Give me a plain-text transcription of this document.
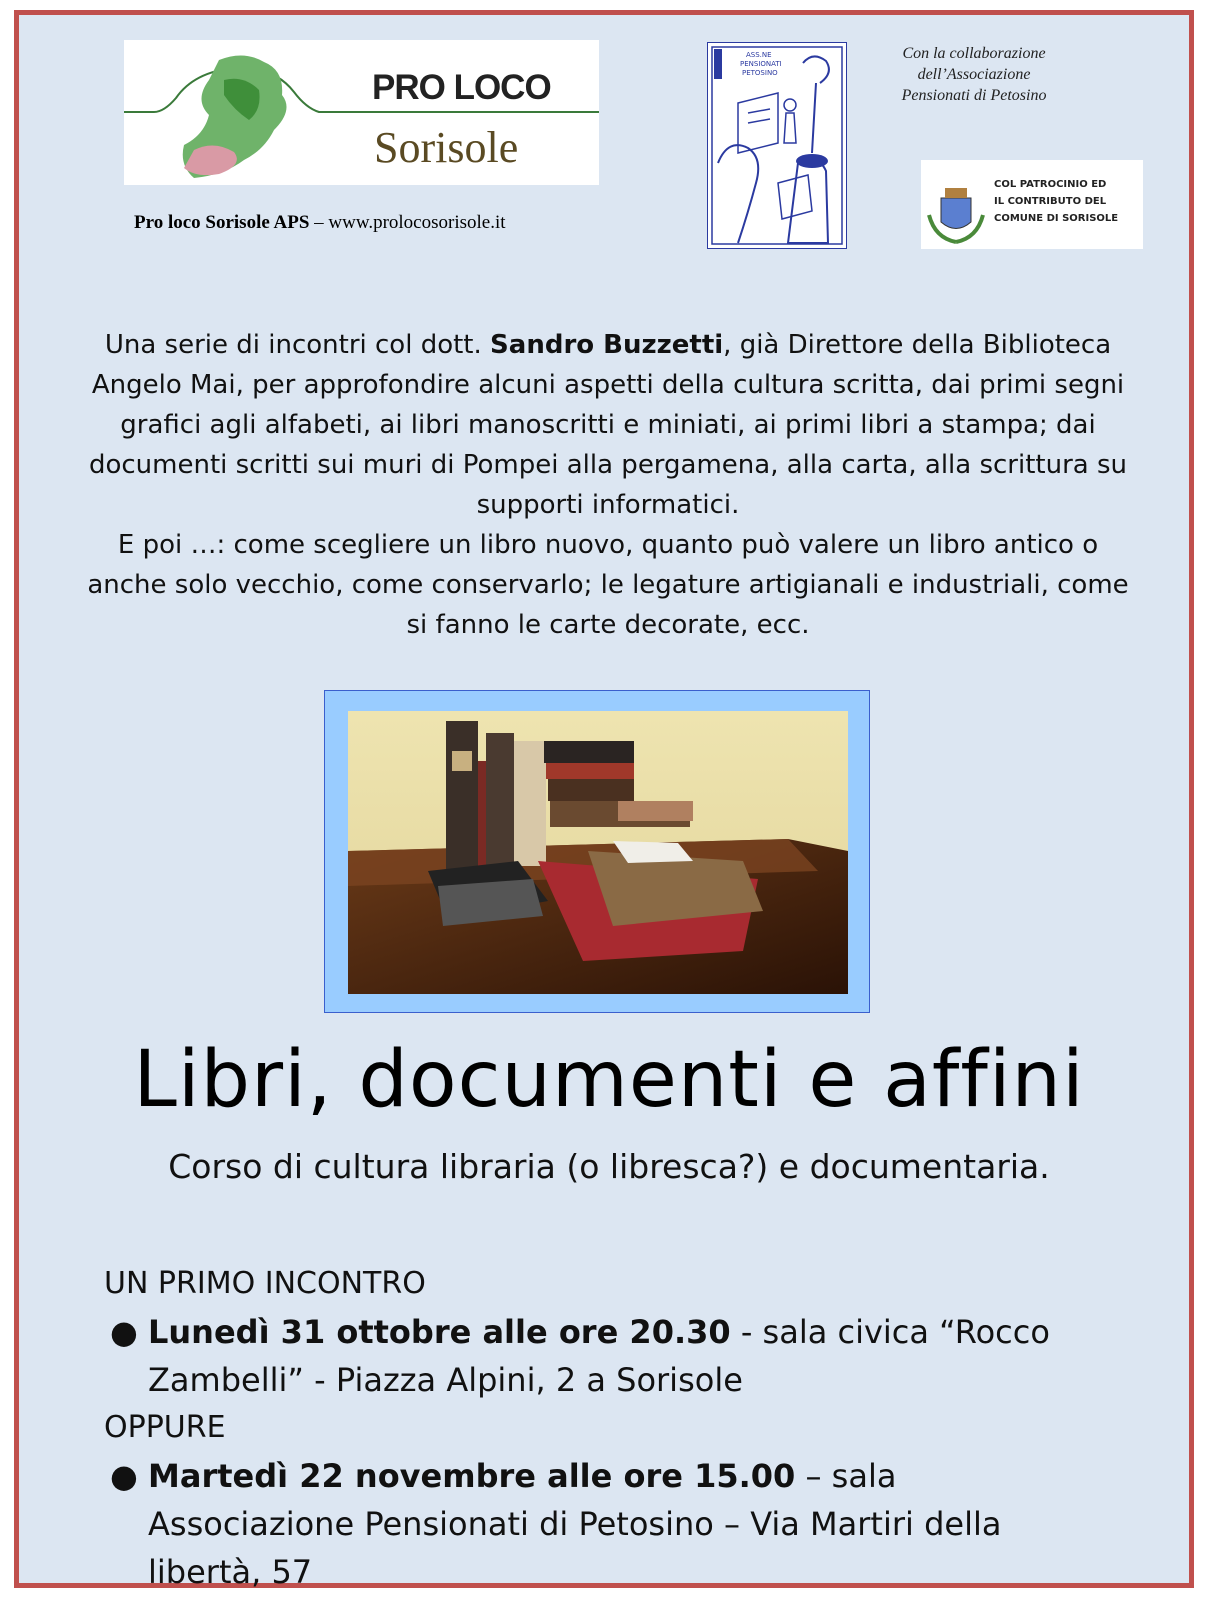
PRO LOCO
Sorisole
Pro loco Sorisole APS – www.prolocosorisole.it
ASS.NE
PENSIONATI
PETOSINO
Con la collaborazione
dell’Associazione
Pensionati di Petosino
COL PATROCINIO ED
IL CONTRIBUTO DEL
COMUNE DI SORISOLE
Una serie di incontri col dott. Sandro Buzzetti, già Direttore della Biblioteca Angelo Mai, per approfondire alcuni aspetti della cultura scritta, dai primi segni grafici agli alfabeti, ai libri manoscritti e miniati, ai primi libri a stampa; dai documenti scritti sui muri di Pompei alla pergamena, alla carta, alla scrittura su supporti informatici.
E poi …: come scegliere un libro nuovo, quanto può valere un libro antico o anche solo vecchio, come conservarlo; le legature artigianali e industriali, come si fanno le carte decorate, ecc.
Libri, documenti e affini
Corso di cultura libraria (o libresca?) e documentaria.
UN PRIMO INCONTRO

● Lunedì 31 ottobre alle ore 20.30 - sala civica “Rocco Zambelli” - Piazza Alpini, 2 a Sorisole

OPPURE

● Martedì 22 novembre alle ore 15.00 – sala Associazione Pensionati di Petosino – Via Martiri della libertà, 57
